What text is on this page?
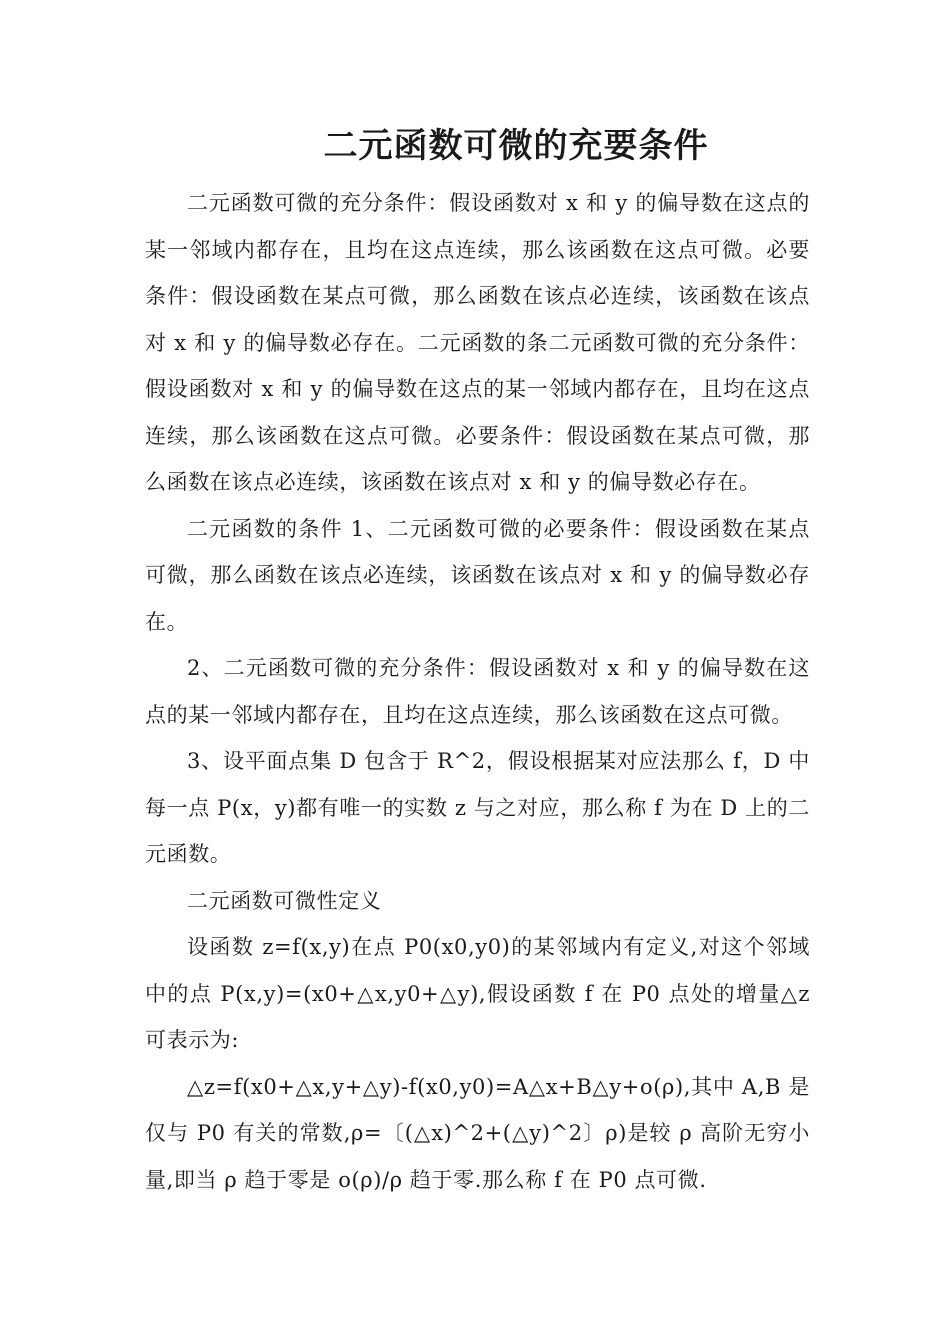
二元函数可微的充要条件

二元函数可微的充分条件：假设函数对 x 和 y 的偏导数在这点的某一邻域内都存在，且均在这点连续，那么该函数在这点可微。必要条件：假设函数在某点可微，那么函数在该点必连续，该函数在该点对 x 和 y 的偏导数必存在。二元函数的条二元函数可微的充分条件：假设函数对 x 和 y 的偏导数在这点的某一邻域内都存在，且均在这点连续，那么该函数在这点可微。必要条件：假设函数在某点可微，那么函数在该点必连续，该函数在该点对 x 和 y 的偏导数必存在。

二元函数的条件 1、二元函数可微的必要条件：假设函数在某点可微，那么函数在该点必连续，该函数在该点对 x 和 y 的偏导数必存在。

2、二元函数可微的充分条件：假设函数对 x 和 y 的偏导数在这点的某一邻域内都存在，且均在这点连续，那么该函数在这点可微。

3、设平面点集 D 包含于 R^2，假设根据某对应法那么 f，D 中每一点 P(x，y)都有唯一的实数 z 与之对应，那么称 f 为在 D 上的二元函数。

二元函数可微性定义

设函数 z=f(x,y)在点 P0(x0,y0)的某邻域内有定义,对这个邻域中的点 P(x,y)=(x0+△x,y0+△y),假设函数 f 在 P0 点处的增量△z 可表示为:

△z=f(x0+△x,y+△y)-f(x0,y0)=A△x+B△y+o(ρ),其中 A,B 是仅与 P0 有关的常数,ρ=〔(△x)^2+(△y)^2〕ρ)是较 ρ 高阶无穷小量,即当 ρ 趋于零是 o(ρ)/ρ 趋于零.那么称 f 在 P0 点可微.
